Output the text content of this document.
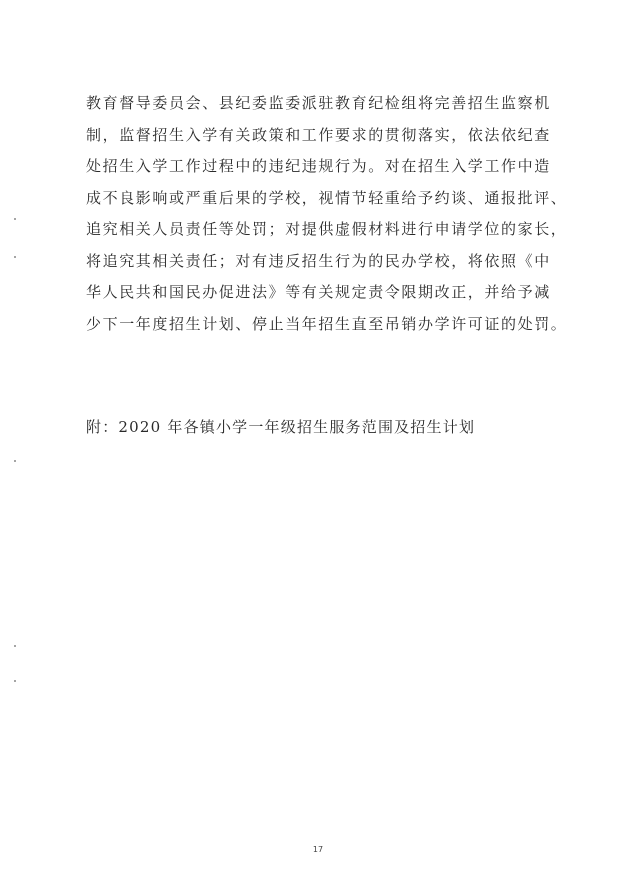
教育督导委员会、县纪委监委派驻教育纪检组将完善招生监察机
制，监督招生入学有关政策和工作要求的贯彻落实，依法依纪查
处招生入学工作过程中的违纪违规行为。对在招生入学工作中造
成不良影响或严重后果的学校，视情节轻重给予约谈、通报批评、
追究相关人员责任等处罚；对提供虚假材料进行申请学位的家长，
将追究其相关责任；对有违反招生行为的民办学校，将依照《中
华人民共和国民办促进法》等有关规定责令限期改正，并给予减
少下一年度招生计划、停止当年招生直至吊销办学许可证的处罚。
附：2020 年各镇小学一年级招生服务范围及招生计划
17
